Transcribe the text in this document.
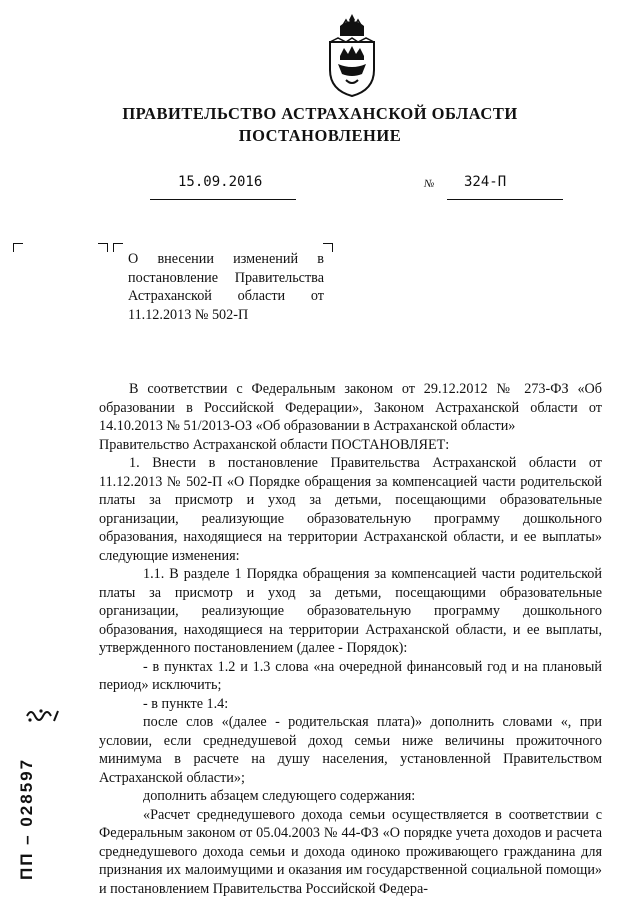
ПРАВИТЕЛЬСТВО АСТРАХАНСКОЙ ОБЛАСТИ
ПОСТАНОВЛЕНИЕ
15.09.2016	№ 324-П

О внесении изменений в постановление Правительства Астраханской области от 11.12.2013 № 502-П

В соответствии с Федеральным законом от 29.12.2012 № 273-ФЗ «Об образовании в Российской Федерации», Законом Астраханской области от 14.10.2013 № 51/2013-ОЗ «Об образовании в Астраханской области»

Правительство Астраханской области ПОСТАНОВЛЯЕТ:

1. Внести в постановление Правительства Астраханской области от 11.12.2013 № 502-П «О Порядке обращения за компенсацией части родительской платы за присмотр и уход за детьми, посещающими образовательные организации, реализующие образовательную программу дошкольного образования, находящиеся на территории Астраханской области, и ее выплаты» следующие изменения:

1.1. В разделе 1 Порядка обращения за компенсацией части родительской платы за присмотр и уход за детьми, посещающими образовательные организации, реализующие образовательную программу дошкольного образования, находящиеся на территории Астраханской области, и ее выплаты, утвержденного постановлением (далее - Порядок):

- в пунктах 1.2 и 1.3 слова «на очередной финансовый год и на плановый период» исключить;

- в пункте 1.4:

после слов «(далее - родительская плата)» дополнить словами «, при условии, если среднедушевой доход семьи ниже величины прожиточного минимума в расчете на душу населения, установленной Правительством Астраханской области»;

дополнить абзацем следующего содержания:

«Расчет среднедушевого дохода семьи осуществляется в соответствии с Федеральным законом от 05.04.2003 № 44-ФЗ «О порядке учета доходов и расчета среднедушевого дохода семьи и дохода одиноко проживающего гражданина для признания их малоимущими и оказания им государственной социальной помощи» и постановлением Правительства Российской Федера-

ПП – 028597
